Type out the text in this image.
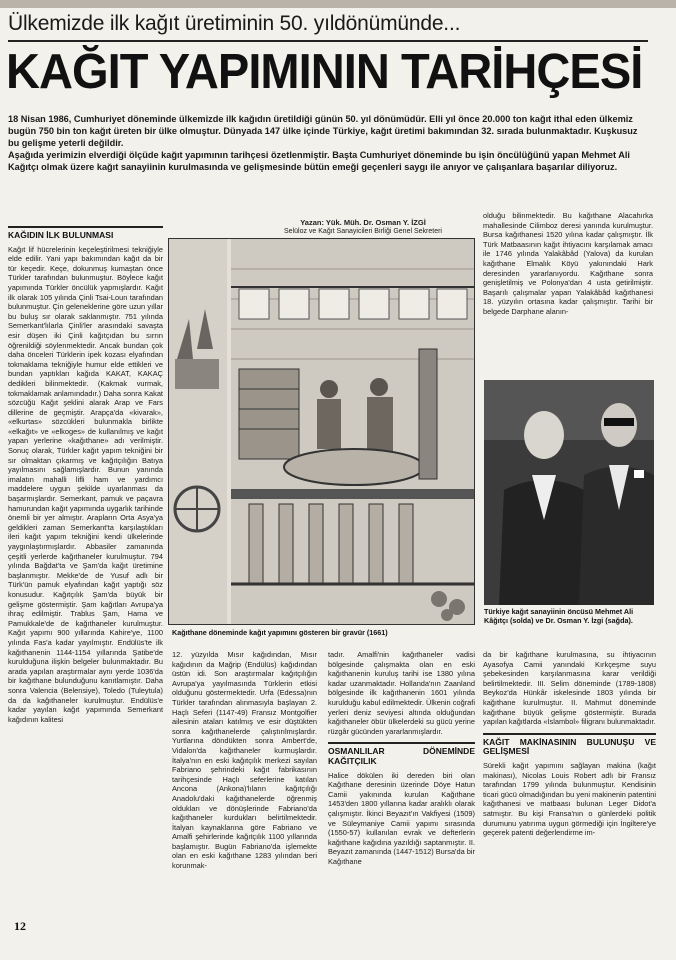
Ülkemizde ilk kağıt üretiminin 50. yıldönümünde...
KAĞIT YAPIMININ TARİHÇESİ

18 Nisan 1986, Cumhuriyet döneminde ülkemizde ilk kağıdın üretildiği günün 50. yıl dönümüdür. Elli yıl önce 20.000 ton kağıt ithal eden ülkemiz bugün 750 bin ton kağıt üreten bir ülke olmuştur. Dünyada 147 ülke içinde Türkiye, kağıt üretimi bakımından 32. sırada bulunmaktadır. Kuşkusuz bu gelişme yeterli değildir.

Aşağıda yerimizin elverdiği ölçüde kağıt yapımının tarihçesi özetlenmiştir. Başta Cumhuriyet döneminde bu işin öncülüğünü yapan Mehmet Ali Kağıtçı olmak üzere kağıt sanayiinin kurulmasında ve gelişmesinde bütün emeği geçenleri saygı ile anıyor ve çalışanlara başarılar diliyoruz.

Yazan: Yük. Müh. Dr. Osman Y. İZGİ
Selüloz ve Kağıt Sanayicileri Birliği Genel Sekreteri
KAĞIDIN İLK BULUNMASI

Kağıt lif hücrelerinin keçeleştirilmesi tekniğiyle elde edilir. Yani yapı bakımından kağıt da bir tür keçedir. Keçe, dokunmuş kumaştan önce Türkler tarafından bulunmuştur. Böylece kağıt yapımında Türkler öncülük yapmışlardır. Kağıt ilk olarak 105 yılında Çinli Tsai-Loun tarafından bulunmuştur. Çin geleneklerine göre uzun yıllar bu buluş sır olarak saklanmıştır. 751 yılında Semerkant'lılarla Çinli'ler arasındaki savaşta esir düşen iki Çinli kağıtçıdan bu sırrın öğrenildiği söylenmektedir. Ancak bundan çok daha önceleri Türklerin ipek kozası elyafından tokmaklama tekniğiyle humur elde ettikleri ve bundan yaptıkları kağıda KAKAT, KAKAÇ dedikleri bilinmektedir. (Kakmak vurmak, tokmaklamak anlamındadır.) Daha sonra Kakat sözcüğü Kağıt şeklini alarak Arap ve Fars dillerine de geçmiştir. Arapça'da «kivarak», «elkurtas» sözcükleri bulunmakla birlikte «elkağıt» ve «elkoges» de kullanılmış ve kağıt yapan yerlerine «kağıthane» adı verilmiştir. Sonuç olarak, Türkler kağıt yapım tekniğini bir sır olmaktan çıkarmış ve kağıtçılığın Batıya yayılmasını sağlamışlardır. Bunun yanında imalatın mahalli lifli ham ve yardımcı maddelere uygun şekilde uyarlanması da başarmışlardır. Semerkant, pamuk ve paçavra hamurundan kağıt yapımında uygarlık tarihinde önemli bir yer almıştır. Arapların Orta Asya'ya geldikleri zaman Semerkant'ta karşılaştıkları ileri kağıt yapım tekniğini kendi ülkelerinde yaygınlaştırmışlardır. Abbasiler zamanında çeşitli yerlerde kağıthaneler kurulmuştur. 794 yılında Bağdat'ta ve Şam'da kağıt üretimine başlanmıştır. Mekke'de de Yusuf adlı bir Türk'ün pamuk elyafından kağıt yaptığı söz konusudur. Kağıtçılık Şam'da büyük bir gelişme göstermiştir. Şam kağıtları Avrupa'ya ihraç edilmiştir. Trablus Şam, Hama ve Pamukkale'de de kağıthaneler kurulmuştur. Kağıt yapımı 900 yıllarında Kahire'ye, 1100 yılında Fas'a kadar yayılmıştır. Endülüs'te ilk kağıthanenin 1144-1154 yıllarında Şatibe'de kurulduğuna ilişkin belgeler bulunmaktadır. Bu arada yapılan araştırmalar aynı yerde 1036'da bir kağıthane bulunduğunu kanıtlamıştır. Daha sonra Valencia (Belensiye), Toledo (Tuleytula) da da kağıthaneler kurulmuştur. Endülüs'e kadar yayılan kağıt yapımında Semerkant kağıdının kalitesi

Kağıthane döneminde kağıt yapımını gösteren bir gravür (1661)

12. yüzyılda Mısır kağıdından, Mısır kağıdının da Mağrip (Endülüs) kağıdından üstün idi. Son araştırmalar kağıtçılığın Avrupa'ya yayılmasında Türklerin etkisi olduğunu göstermektedir. Urfa (Edessa)nın Türkler tarafından alınmasıyla başlayan 2. Haçlı Seferi (1147-49) Fransız Montgolfier ailesinin ataları katılmış ve esir düştükten sonra kağıthanelerde çalıştırılmışlardır. Yurtlarına döndükten sonra Ambert'de, Vidalon'da kağıthaneler kurmuşlardır. İtalya'nın en eski kağıtçılık merkezi sayılan Fabriano şehrindeki kağıt fabrikasının tarihçesinde Haçlı seferlerine katılan Ancona (Ankona)'lıların kağıtçılığı Anadolu'daki kağıthanelerde öğrenmiş oldukları ve dönüşlerinde Fabriano'da kağıthaneler kurdukları belirtilmektedir. İtalyan kaynaklarına göre Fabriano ve Amalfi şehirlerinde kağıtçılık 1100 yıllarında başlamıştır. Bugün Fabriano'da işlemekte olan en eski kağıthane 1283 yılından beri korunmak-

tadır. Amalfi'nin kağıthaneler vadisi bölgesinde çalışmakta olan en eski kağıthanenin kuruluş tarihi ise 1380 yılına kadar uzanmaktadır. Hollanda'nın Zaanland bölgesinde ilk kağıthanenin 1601 yılında kurulduğu kabul edilmektedir. Ülkenin coğrafi yerleri deniz seviyesi altında olduğundan kağıthaneler öbür ülkelerdeki su gücü yerine rüzgâr gücünden yararlanmışlardır.

OSMANLILAR DÖNEMİNDE KAĞITÇILIK

Halice dökülen iki dereden biri olan Kağıthane deresinin üzerinde Döye Hatun Camii yakınında kurulan Kağıthane 1453'den 1800 yıllarına kadar aralıklı olarak çalışmıştır. İkinci Beyazıt'ın Vakfiyesi (1509) ve Süleymaniye Camii yapımı sırasında (1550-57) kullanılan evrak ve defterlerin kağıthane kağıdına yazıldığı saptanmıştır. II. Beyazıt zamanında (1447-1512) Bursa'da bir Kağıthane

olduğu bilinmektedir. Bu kağıthane Alacahırka mahallesinde Cilimboz deresi yanında kurulmuştur. Bursa kağıthanesi 1520 yılına kadar çalışmıştır. İlk Türk Matbaasının kağıt ihtiyacını karşılamak amacı ile 1746 yılında Yalakâbâd (Yalova) da kurulan kağıthane Elmalık Köyü yakınındaki Hark deresinden yararlanıyordu. Kağıthane sonra genişletilmiş ve Polonya'dan 4 usta getirilmiştir. Başarılı çalışmalar yapan Yalakâbâd kağıthanesi 18. yüzyılın ortasına kadar çalışmıştır. Tarihi bir belgede Darphane alanın-

Türkiye kağıt sanayiinin öncüsü Mehmet Ali Kâğıtçı (solda) ve Dr. Osman Y. İzgi (sağda).

da bir kağıthane kurulmasına, su ihtiyacının Ayasofya Camii yanındaki Kırkçeşme suyu şebekesinden karşılanmasına karar verildiği belirtilmektedir. III. Selim döneminde (1789-1808) Beykoz'da Hünkâr iskelesinde 1803 yılında bir kağıthane kurulmuştur. II. Mahmut döneminde kağıthane büyük gelişme göstermiştir. Burada yapılan kağıtlarda «İslambol» filigranı bulunmaktadır.

KAĞIT MAKİNASININ BULUNUŞU VE GELİŞMESİ

Sürekli kağıt yapımını sağlayan makina (kağıt makinası), Nicolas Louis Robert adlı bir Fransız tarafından 1799 yılında bulunmuştur. Kendisinin ticari gücü olmadığından bu yeni makinenin patentini kağıthanesi ve matbaası bulunan Leger Didot'a satmıştır. Bu kişi Fransa'nın o günlerdeki politik durumunu yatırıma uygun görmediği için İngiltere'ye geçerek patenti değerlendirme im-

12
